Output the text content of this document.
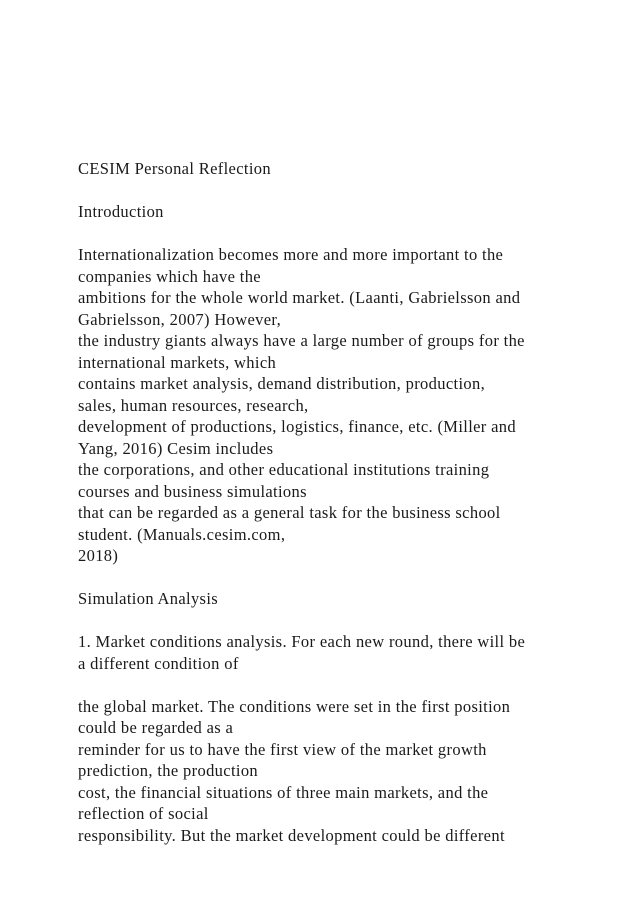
CESIM Personal Reflection
Introduction
Internationalization becomes more and more important to the
companies which have the
ambitions for the whole world market. (Laanti, Gabrielsson and
Gabrielsson, 2007) However,
the industry giants always have a large number of groups for the
international markets, which
contains market analysis, demand distribution, production,
sales, human resources, research,
development of productions, logistics, finance, etc. (Miller and
Yang, 2016) Cesim includes
the corporations, and other educational institutions training
courses and business simulations
that can be regarded as a general task for the business school
student. (Manuals.cesim.com,
2018)
Simulation Analysis
1. Market conditions analysis. For each new round, there will be
a different condition of
the global market. The conditions were set in the first position
could be regarded as a
reminder for us to have the first view of the market growth
prediction, the production
cost, the financial situations of three main markets, and the
reflection of social
responsibility. But the market development could be different
